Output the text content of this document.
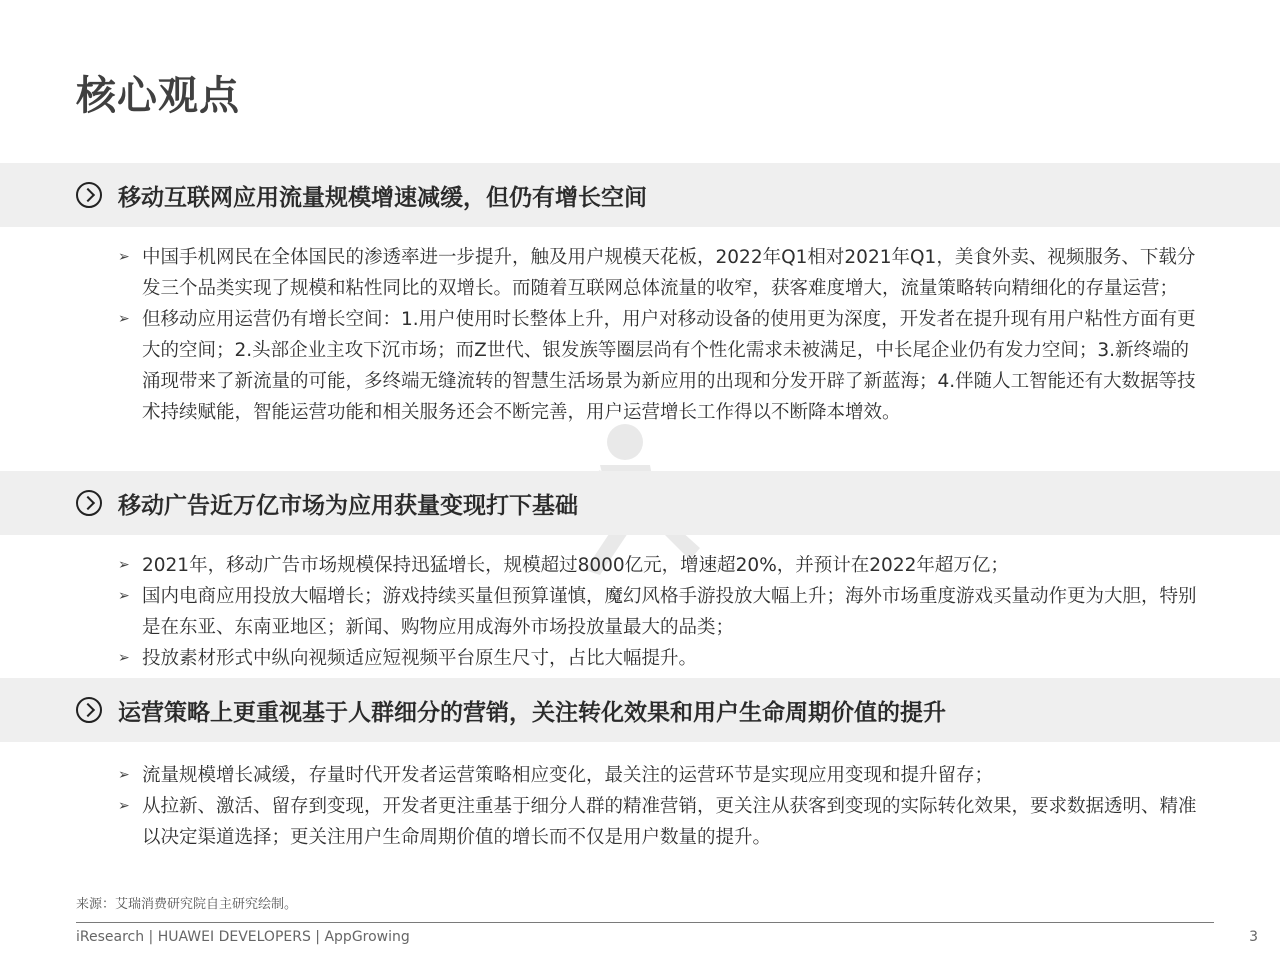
核心观点
移动互联网应用流量规模增速减缓，但仍有增长空间
➢ 中国手机网民在全体国民的渗透率进一步提升，触及用户规模天花板，2022年Q1相对2021年Q1，美食外卖、视频服务、下载分发三个品类实现了规模和粘性同比的双增长。而随着互联网总体流量的收窄，获客难度增大，流量策略转向精细化的存量运营；
➢ 但移动应用运营仍有增长空间：1.用户使用时长整体上升，用户对移动设备的使用更为深度，开发者在提升现有用户粘性方面有更大的空间；2.头部企业主攻下沉市场；而Z世代、银发族等圈层尚有个性化需求未被满足，中长尾企业仍有发力空间；3.新终端的涌现带来了新流量的可能，多终端无缝流转的智慧生活场景为新应用的出现和分发开辟了新蓝海；4.伴随人工智能还有大数据等技术持续赋能，智能运营功能和相关服务还会不断完善，用户运营增长工作得以不断降本增效。
移动广告近万亿市场为应用获量变现打下基础
➢ 2021年，移动广告市场规模保持迅猛增长，规模超过8000亿元，增速超20%，并预计在2022年超万亿；
➢ 国内电商应用投放大幅增长；游戏持续买量但预算谨慎，魔幻风格手游投放大幅上升；海外市场重度游戏买量动作更为大胆，特别是在东亚、东南亚地区；新闻、购物应用成海外市场投放量最大的品类；
➢ 投放素材形式中纵向视频适应短视频平台原生尺寸，占比大幅提升。
运营策略上更重视基于人群细分的营销，关注转化效果和用户生命周期价值的提升
➢ 流量规模增长减缓，存量时代开发者运营策略相应变化，最关注的运营环节是实现应用变现和提升留存；
➢ 从拉新、激活、留存到变现，开发者更注重基于细分人群的精准营销，更关注从获客到变现的实际转化效果，要求数据透明、精准以决定渠道选择；更关注用户生命周期价值的增长而不仅是用户数量的提升。
来源：艾瑞消费研究院自主研究绘制。
iResearch | HUAWEI DEVELOPERS | AppGrowing	3
